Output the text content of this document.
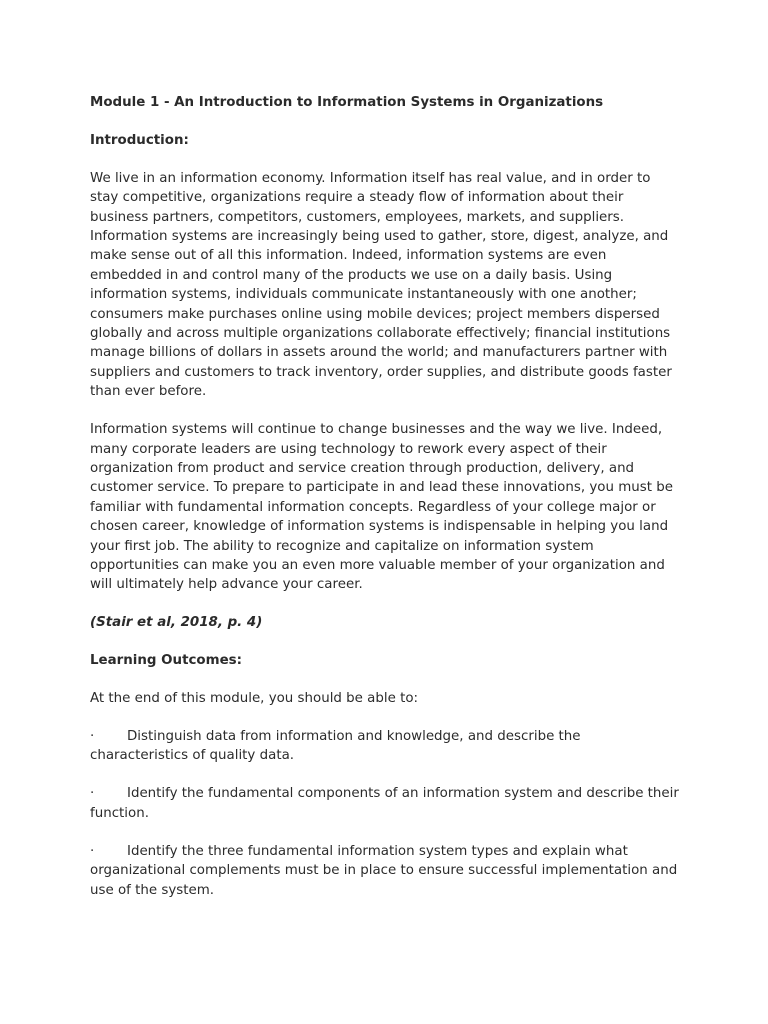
Module 1 - An Introduction to Information Systems in Organizations

Introduction:

We live in an information economy. Information itself has real value, and in order to stay competitive, organizations require a steady flow of information about their business partners, competitors, customers, employees, markets, and suppliers. Information systems are increasingly being used to gather, store, digest, analyze, and make sense out of all this information. Indeed, information systems are even embedded in and control many of the products we use on a daily basis. Using information systems, individuals communicate instantaneously with one another; consumers make purchases online using mobile devices; project members dispersed globally and across multiple organizations collaborate effectively; financial institutions manage billions of dollars in assets around the world; and manufacturers partner with suppliers and customers to track inventory, order supplies, and distribute goods faster than ever before.

Information systems will continue to change businesses and the way we live. Indeed, many corporate leaders are using technology to rework every aspect of their organization from product and service creation through production, delivery, and customer service. To prepare to participate in and lead these innovations, you must be familiar with fundamental information concepts. Regardless of your college major or chosen career, knowledge of information systems is indispensable in helping you land your first job. The ability to recognize and capitalize on information system opportunities can make you an even more valuable member of your organization and will ultimately help advance your career.

(Stair et al, 2018, p. 4)

Learning Outcomes:

At the end of this module, you should be able to:

· Distinguish data from information and knowledge, and describe the characteristics of quality data.

· Identify the fundamental components of an information system and describe their function.

· Identify the three fundamental information system types and explain what organizational complements must be in place to ensure successful implementation and use of the system.
